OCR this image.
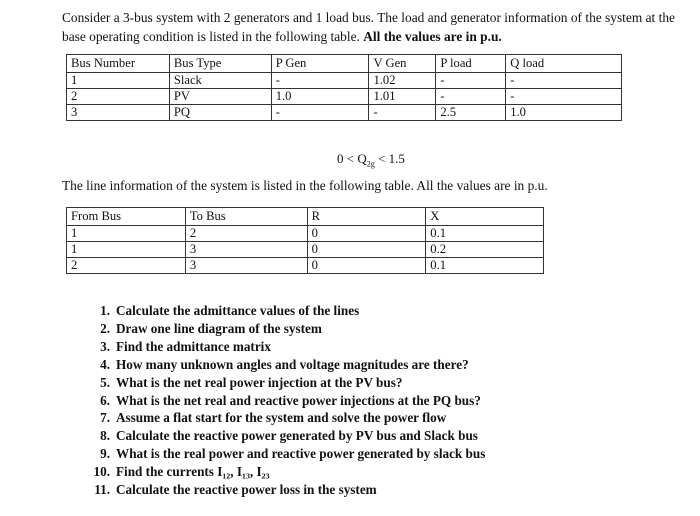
Consider a 3-bus system with 2 generators and 1 load bus. The load and generator information of the system at the base operating condition is listed in the following table. All the values are in p.u.
Bus Number	Bus Type	P Gen	V Gen	P load	Q load
1	Slack	-	1.02	-	-
2	PV	1.0	1.01	-	-
3	PQ	-	-	2.5	1.0
$0 < Q_{2g} < 1.5$
The line information of the system is listed in the following table. All the values are in p.u.
From Bus	To Bus	R	X
1	2	0	0.1
1	3	0	0.2
2	3	0	0.1
1. Calculate the admittance values of the lines
2. Draw one line diagram of the system
3. Find the admittance matrix
4. How many unknown angles and voltage magnitudes are there?
5. What is the net real power injection at the PV bus?
6. What is the net real and reactive power injections at the PQ bus?
7. Assume a flat start for the system and solve the power flow
8. Calculate the reactive power generated by PV bus and Slack bus
9. What is the real power and reactive power generated by slack bus
10. Find the currents I₁₂, I₁₃, I₂₃
11. Calculate the reactive power loss in the system
